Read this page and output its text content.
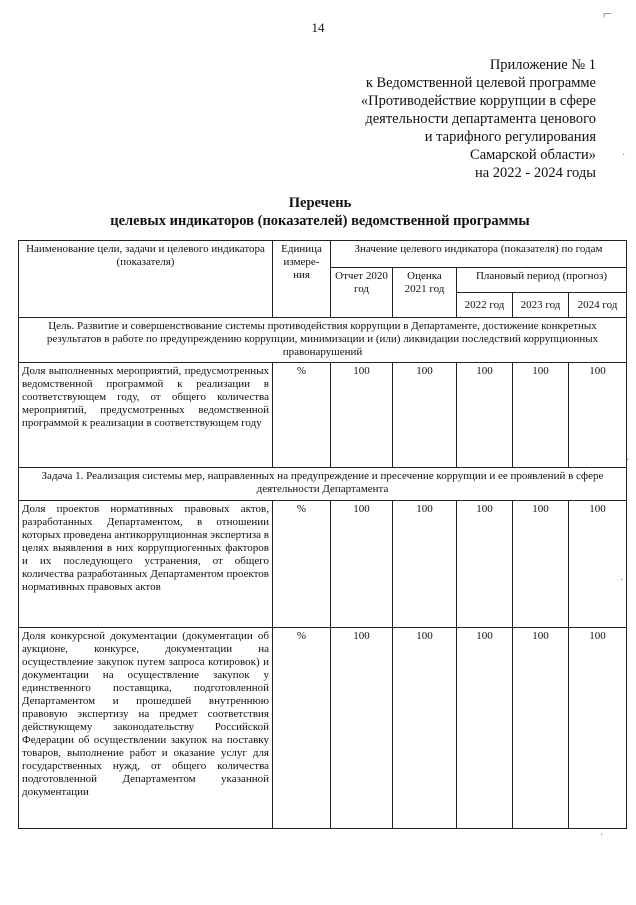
14
Приложение № 1
к Ведомственной целевой программе
«Противодействие коррупции в сфере
деятельности департамента ценового
и тарифного регулирования
Самарской области»
на 2022 - 2024 годы
Перечень
целевых индикаторов (показателей) ведомственной программы
Наименование цели, задачи и целевого индикатора (показателя)	Единица измере-ния	Значение целевого индикатора (показателя) по годам				
		Отчет 2020 год	Оценка 2021 год	Плановый период (прогноз)		
				2022 год	2023 год	2024 год
Цель. Развитие и совершенствование системы противодействия коррупции в Департаменте, достижение конкретных результатов в работе по предупреждению коррупции, минимизации и (или) ликвидации последствий коррупционных правонарушений						
Доля выполненных мероприятий, предусмотренных ведомственной программой к реализации в соответствующем году, от общего количества мероприятий, предусмотренных ведомственной программой к реализации в соответствующем году	%	100	100	100	100	100
Задача 1. Реализация системы мер, направленных на предупреждение и пресечение коррупции и ее проявлений в сфере деятельности Департамента						
Доля проектов нормативных правовых актов, разработанных Департаментом, в отношении которых проведена антикоррупционная экспертиза в целях выявления в них коррупциогенных факторов и их последующего устранения, от общего количества разработанных Департаментом проектов нормативных правовых актов	%	100	100	100	100	100
Доля конкурсной документации (документации об аукционе, конкурсе, документации на осуществление закупок путем запроса котировок) и документации на осуществление закупок у единственного поставщика, подготовленной Департаментом и прошедшей внутреннюю правовую экспертизу на предмет соответствия действующему законодательству Российской Федерации об осуществлении закупок на поставку товаров, выполнение работ и оказание услуг для государственных нужд, от общего количества подготовленной Департаментом указанной документации	%	100	100	100	100	100
⌐
·
·
·
·
